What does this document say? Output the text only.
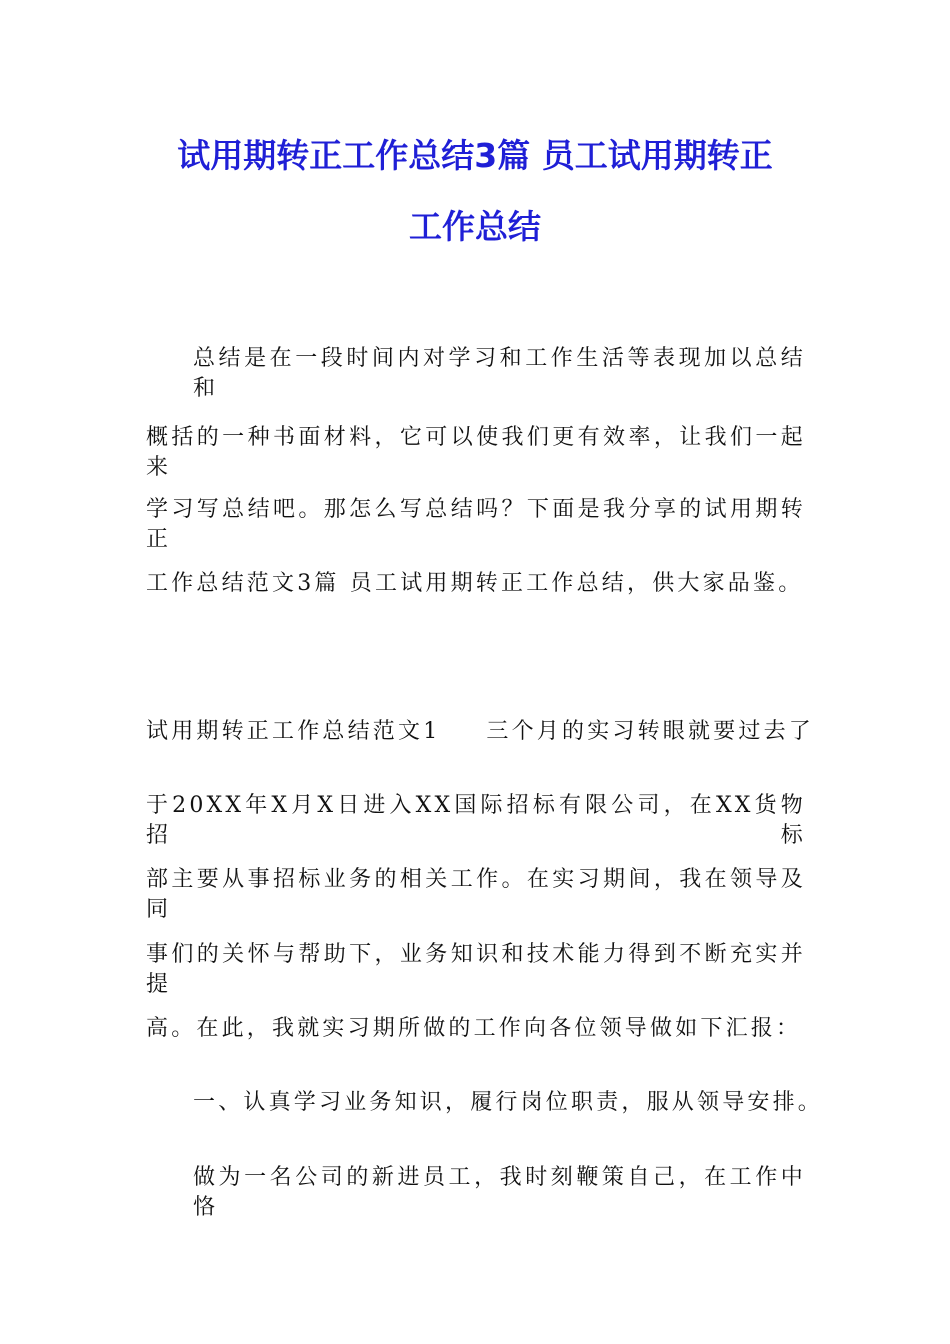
试用期转正工作总结3篇 员工试用期转正
工作总结
总结是在一段时间内对学习和工作生活等表现加以总结和
概括的一种书面材料，它可以使我们更有效率，让我们一起来
学习写总结吧。那怎么写总结吗？下面是我分享的试用期转正
工作总结范文3篇 员工试用期转正工作总结，供大家品鉴。
试用期转正工作总结范文1 三个月的实习转眼就要过去了
于20XX年X月X日进入XX国际招标有限公司，在XX货物招标
部主要从事招标业务的相关工作。在实习期间，我在领导及同
事们的关怀与帮助下，业务知识和技术能力得到不断充实并提
高。在此，我就实习期所做的工作向各位领导做如下汇报：
一、认真学习业务知识，履行岗位职责，服从领导安排。
做为一名公司的新进员工，我时刻鞭策自己，在工作中恪
